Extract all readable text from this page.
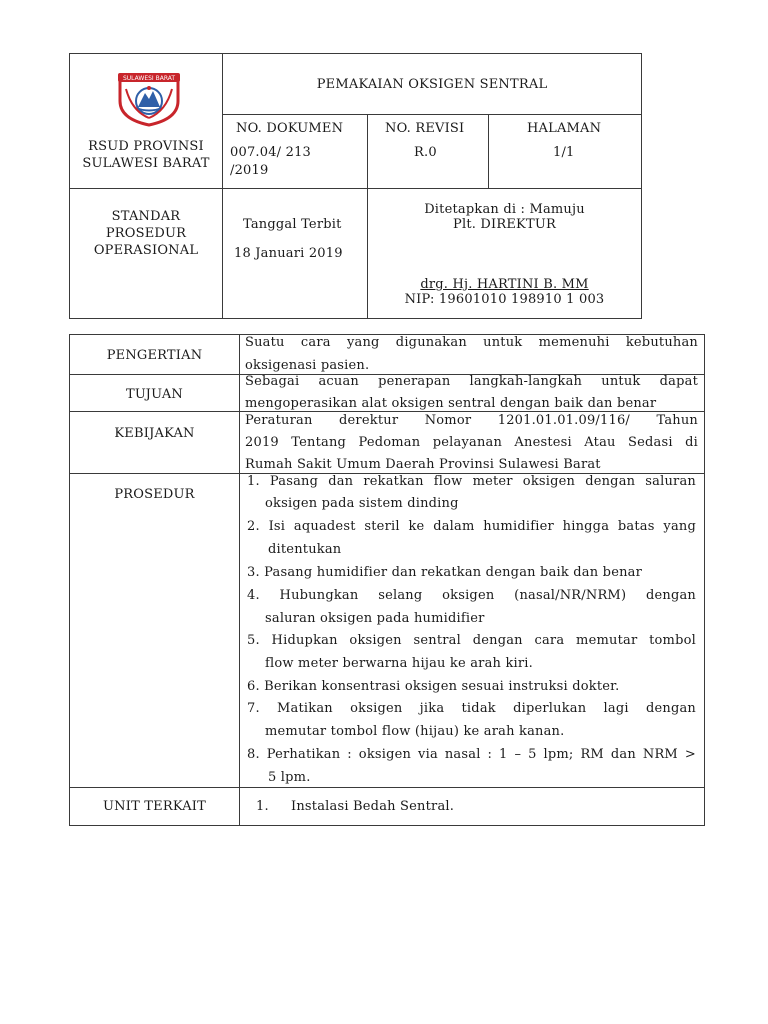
SULAWESI BARAT
RSUD PROVINSI
SULAWESI BARAT
PEMAKAIAN OKSIGEN SENTRAL
NO. DOKUMEN
007.04/ 213
/2019
NO. REVISI
R.0
HALAMAN
1/1
STANDAR
PROSEDUR
OPERASIONAL
Tanggal Terbit
18 Januari 2019
Ditetapkan di : Mamuju
Plt. DIREKTUR
drg. Hj. HARTINI B. MM
NIP: 19601010 198910 1 003
PENGERTIAN
Suatu cara yang digunakan untuk memenuhi kebutuhan
oksigenasi pasien.
TUJUAN
Sebagai acuan penerapan langkah-langkah untuk dapat
mengoperasikan alat oksigen sentral dengan baik dan benar
KEBIJAKAN
Peraturan derektur Nomor 1201.01.01.09/116/ Tahun
2019 Tentang Pedoman pelayanan Anestesi Atau Sedasi di
Rumah Sakit Umum Daerah Provinsi Sulawesi Barat
PROSEDUR
1. Pasang dan rekatkan flow meter oksigen dengan saluran
oksigen pada sistem dinding
2. Isi aquadest steril ke dalam humidifier hingga batas yang
ditentukan
3. Pasang humidifier dan rekatkan dengan baik dan benar
4. Hubungkan selang oksigen (nasal/NR/NRM) dengan
saluran oksigen pada humidifier
5. Hidupkan oksigen sentral dengan cara memutar tombol
flow meter berwarna hijau ke arah kiri.
6. Berikan konsentrasi oksigen sesuai instruksi dokter.
7. Matikan oksigen jika tidak diperlukan lagi dengan
memutar tombol flow (hijau) ke arah kanan.
8. Perhatikan : oksigen via nasal : 1 – 5 lpm; RM dan NRM >
5 lpm.
UNIT TERKAIT	1. Instalasi Bedah Sentral.
